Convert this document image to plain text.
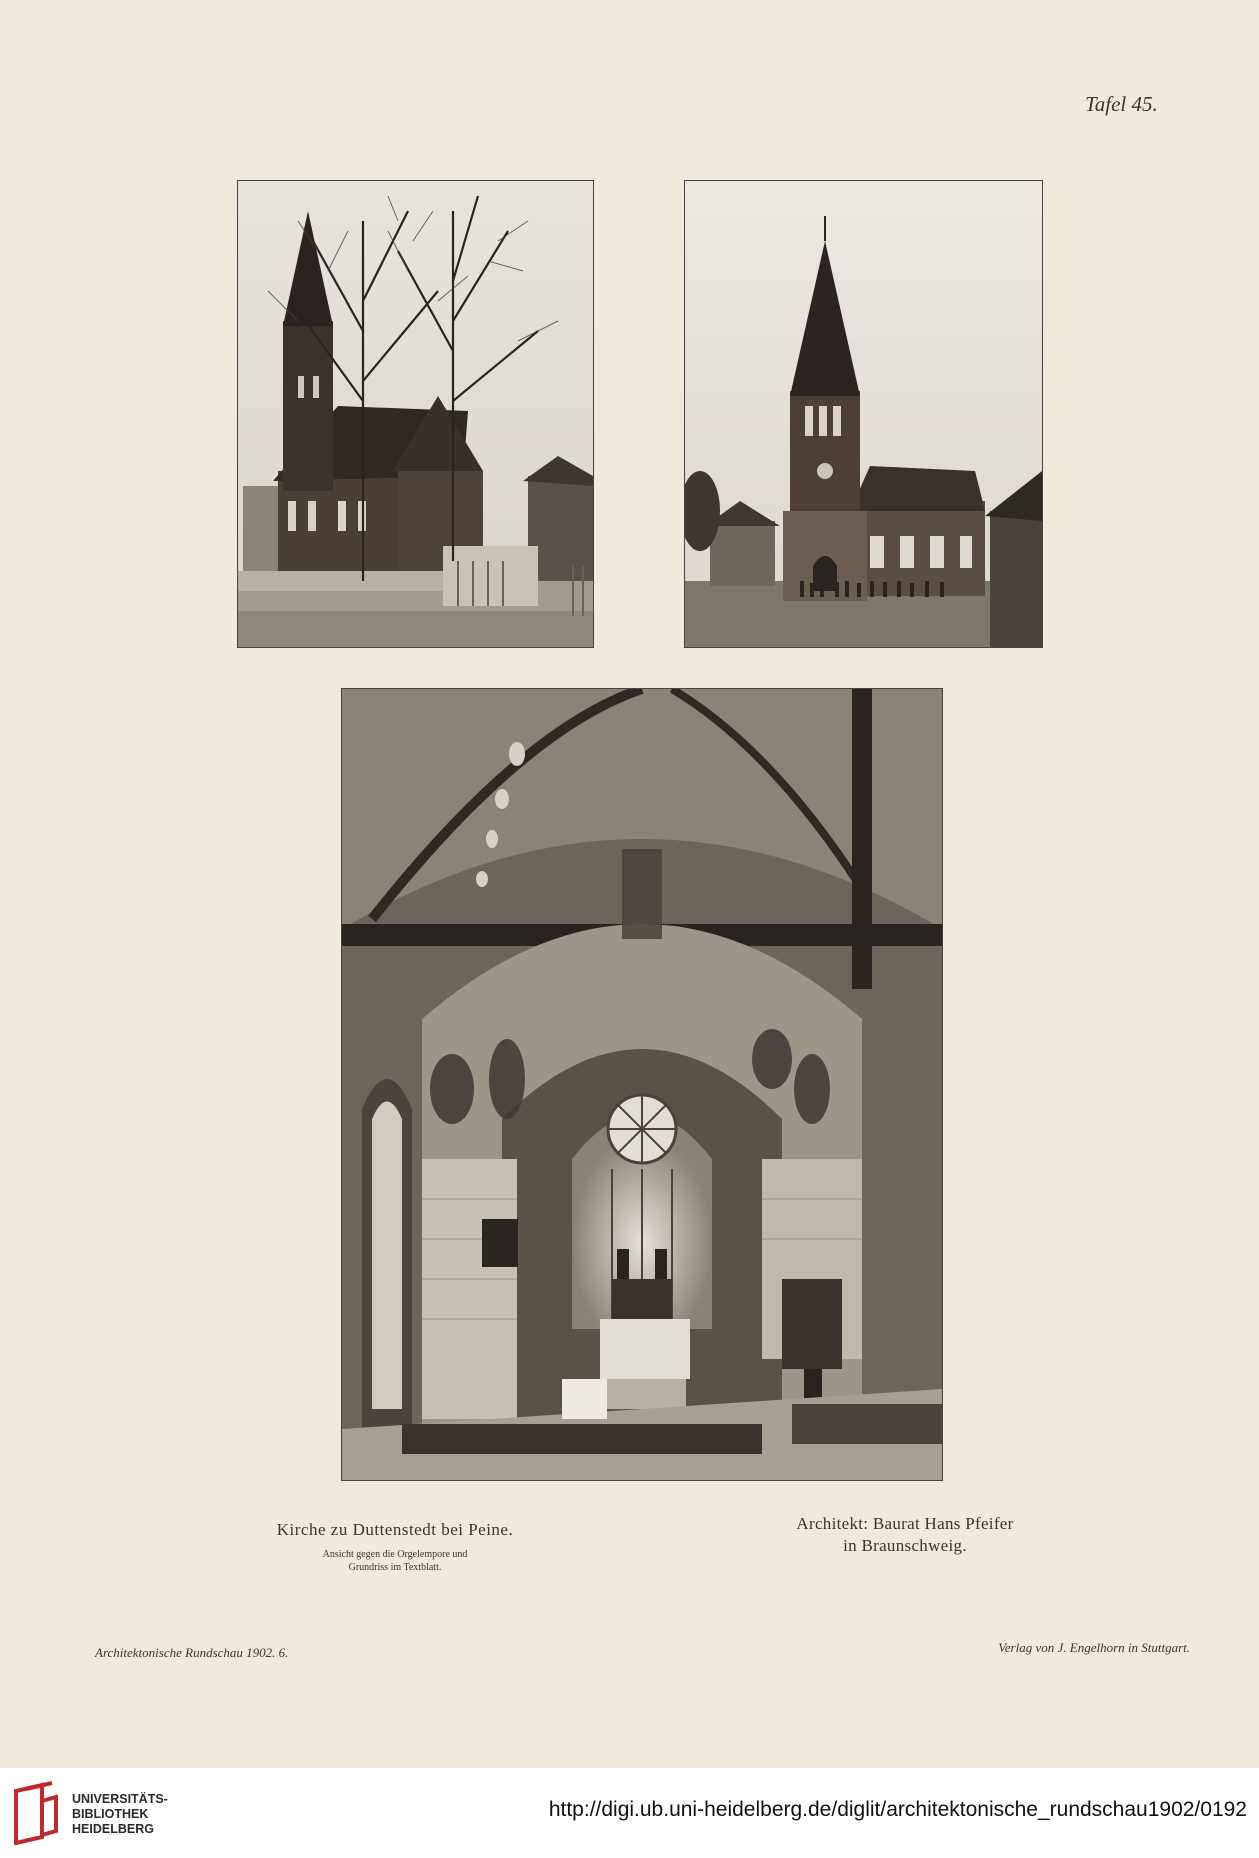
Tafel 45.
Kirche zu Duttenstedt bei Peine.
Ansicht gegen die Orgelempore und
Grundriss im Textblatt.
Architekt: Baurat Hans Pfeifer
in Braunschweig.
Architektonische Rundschau 1902. 6.	Verlag von J. Engelhorn in Stuttgart.
UNIVERSITÄTS-
BIBLIOTHEK
HEIDELBERG
http://digi.ub.uni-heidelberg.de/diglit/architektonische_rundschau1902/0192
